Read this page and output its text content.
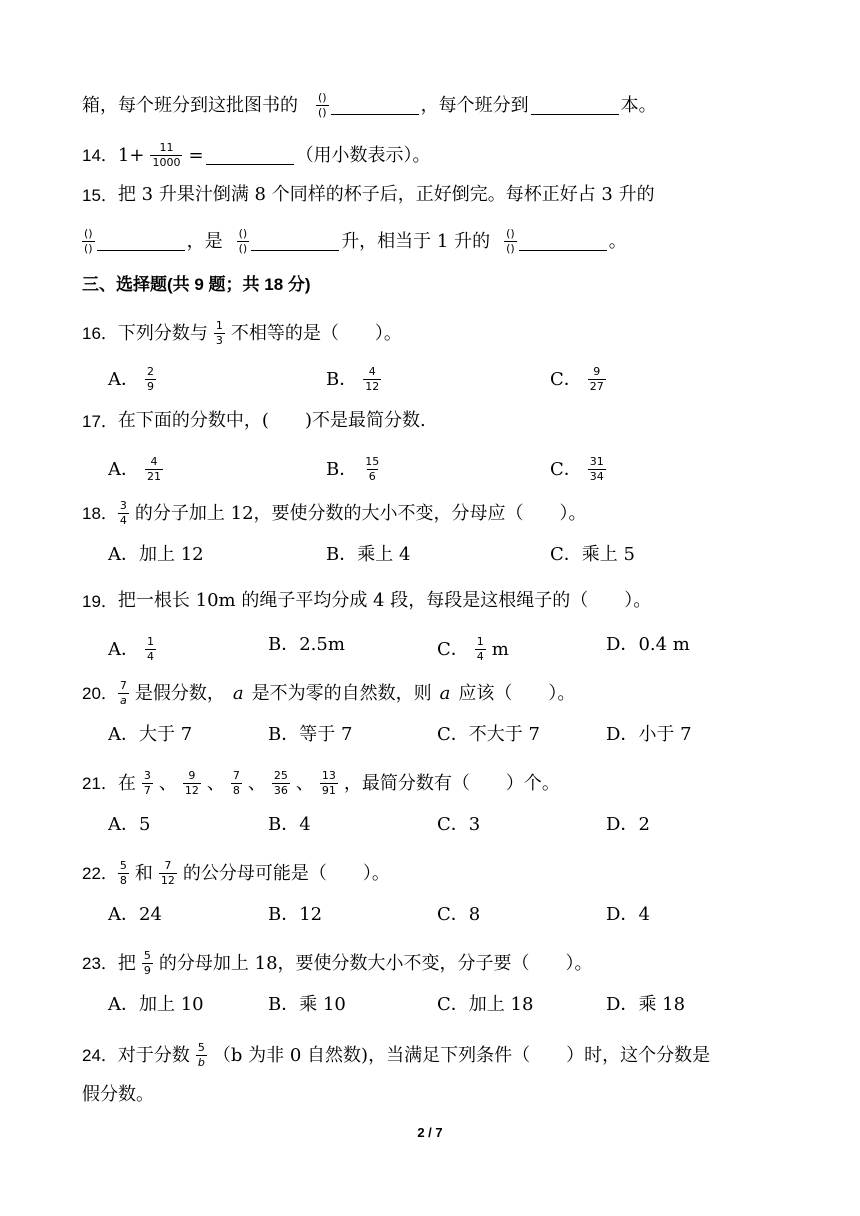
箱，每个班分到这批图书的 $\frac{()}{()}$	，每个班分到	本。
14． $1+ \frac{11}{1000}$ =	（用小数表示）。
15． 把 3 升果汁倒满 8 个同样的杯子后，正好倒完。每杯正好占 3 升的
$\frac{()}{()}$	，是 $\frac{()}{()}$	升，相当于 1 升的 $\frac{()}{()}$	。
三、选择题(共 9 题；共 18 分)
16． 下列分数与 $\frac{1}{3}$ 不相等的是（　　）。
A． $\frac{2}{9}$	B． $\frac{4}{12}$	C． $\frac{9}{27}$
17． 在下面的分数中，(　　)不是最简分数.
A． $\frac{4}{21}$	B． $\frac{15}{6}$	C． $\frac{31}{34}$
18． $\frac{3}{4}$ 的分子加上 12，要使分数的大小不变，分母应（　　）。
A． 加上 12	B． 乘上 4	C． 乘上 5
19． 把一根长 10m 的绳子平均分成 4 段，每段是这根绳子的（　　）。
A． $\frac{1}{4}$	B． 2.5m	C． $\frac{1}{4}$ m	D． 0.4 m
20． $\frac{7}{a}$ 是假分数， a 是不为零的自然数，则 a 应该（　　）。
A． 大于 7	B． 等于 7	C． 不大于 7	D． 小于 7
21． 在 $\frac{3}{7}$ 、 $\frac{9}{12}$ 、 $\frac{7}{8}$ 、 $\frac{25}{36}$ 、 $\frac{13}{91}$ ，最简分数有（　　）个。
A． 5	B． 4	C． 3	D． 2
22． $\frac{5}{8}$ 和 $\frac{7}{12}$ 的公分母可能是（　　）。
A． 24	B． 12	C． 8	D． 4
23． 把 $\frac{5}{9}$ 的分母加上 18，要使分数大小不变，分子要（　　）。
A． 加上 10	B． 乘 10	C． 加上 18	D． 乘 18
24． 对于分数 $\frac{5}{b} (b$ 为非 0 自然数)，当满足下列条件（　　）时，这个分数是
假分数。
2 / 7
